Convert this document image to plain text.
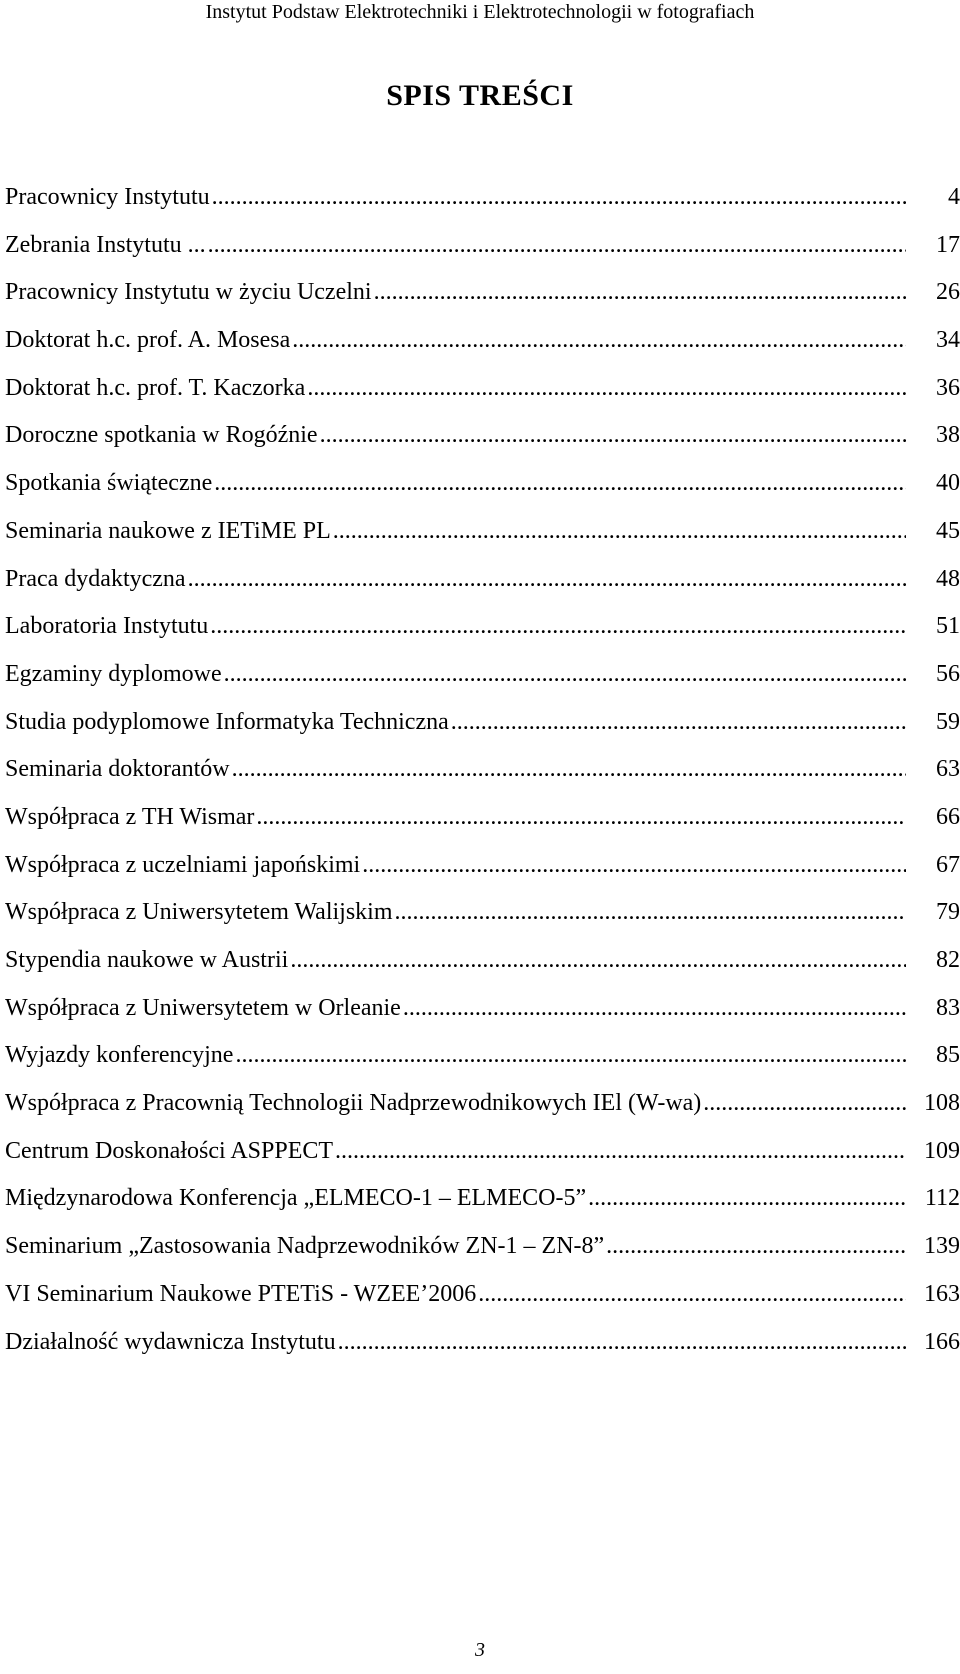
Instytut Podstaw Elektrotechniki i Elektrotechnologii w fotografiach
SPIS TREŚCI
Pracownicy Instytutu .....	4
Zebrania Instytutu ... .....	17
Pracownicy Instytutu w życiu Uczelni .....	26
Doktorat h.c. prof. A. Mosesa .....	34
Doktorat h.c. prof. T. Kaczorka .....	36
Doroczne spotkania w Rogóźnie .....	38
Spotkania świąteczne .....	40
Seminaria naukowe z IETiME PL .....	45
Praca dydaktyczna .....	48
Laboratoria Instytutu .....	51
Egzaminy dyplomowe .....	56
Studia podyplomowe Informatyka Techniczna .....	59
Seminaria doktorantów .....	63
Współpraca z TH Wismar .....	66
Współpraca z uczelniami japońskimi .....	67
Współpraca z Uniwersytetem Walijskim .....	79
Stypendia naukowe w Austrii .....	82
Współpraca z Uniwersytetem w Orleanie .....	83
Wyjazdy konferencyjne .....	85
Współpraca z Pracownią Technologii Nadprzewodnikowych IEl (W-wa) .....	108
Centrum Doskonałości ASPPECT .....	109
Międzynarodowa Konferencja „ELMECO-1 – ELMECO-5” .....	112
Seminarium „Zastosowania Nadprzewodników ZN-1 – ZN-8” .....	139
VI Seminarium Naukowe PTETiS - WZEE’2006 .....	163
Działalność wydawnicza Instytutu .....	166
3
